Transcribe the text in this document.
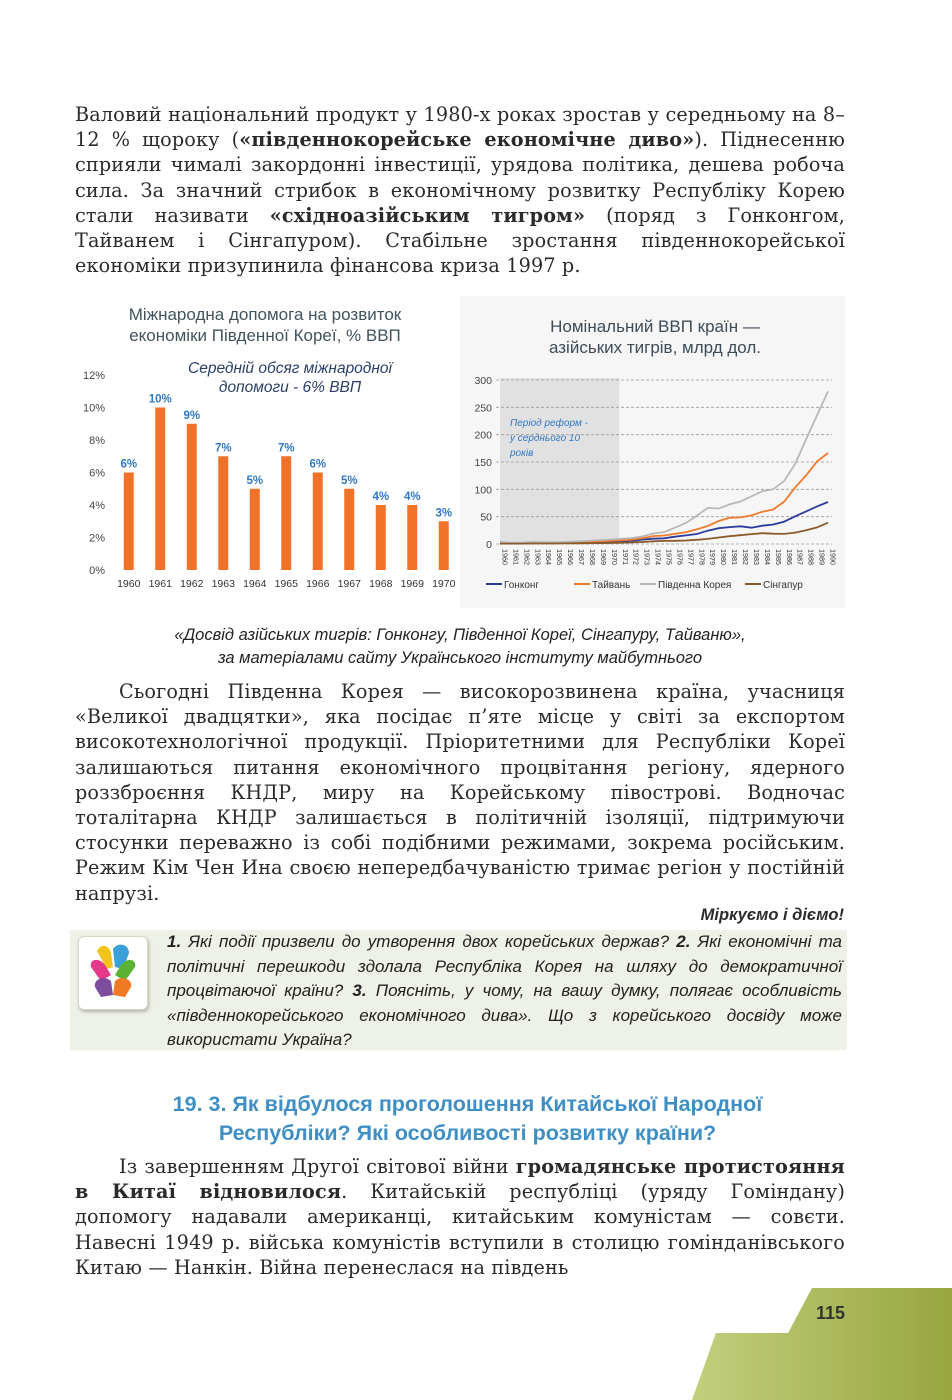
Валовий національний продукт у 1980-х роках зростав у середньому на 8–12 % щороку («південнокорейське економічне диво»). Піднесенню сприяли чималі закордонні інвестиції, урядова політика, дешева робоча сила. За значний стрибок в економічному розвитку Республіку Корею стали називати «східноазійським тигром» (поряд з Гонконгом, Тайванем і Сінгапуром). Стабільне зростання південнокорейської економіки призупинила фінансова криза 1997 р.

Міжнародна допомога на розвиток
економіки Південної Кореї, % ВВП
Середній обсяг міжнародної
допомоги - 6% ВВП
0%
2%
4%
6%
8%
10%
12%
6%
1960
10%
1961
9%
1962
7%
1963
5%
1964
7%
1965
6%
1966
5%
1967
4%
1968
4%
1969
3%
1970
Номінальний ВВП країн —
азійських тигрів, млрд дол.
Період реформ -
у серднього 10
років
0
50
100
150
200
250
300
1960 1961 1962 1963 1964 1965 1966 1967 1968 1969 1970 1971 1972 1973 1974 1975 1976 1977 1978 1979 1980 1981 1982 1983 1984 1985 1986 1987 1988 1989 1990
Гонконг	Тайвань	Південна Корея	Сінгапур
«Досвід азійських тигрів: Гонконгу, Південної Кореї, Сінгапуру, Тайваню»,
за матеріалами сайту Українського інституту майбутнього

Сьогодні Південна Корея — високорозвинена країна, учасниця «Великої двадцятки», яка посідає п’яте місце у світі за експортом високотехнологічної продукції. Пріоритетними для Республіки Кореї залишаються питання економічного процвітання регіону, ядерного роззброєння КНДР, миру на Корейському півострові. Водночас тоталітарна КНДР залишається в політичній ізоляції, підтримуючи стосунки переважно із собі подібними режимами, зокрема російським. Режим Кім Чен Ина своєю непередбачуваністю тримає регіон у постійній напрузі.

Міркуємо і діємо!
1. Які події призвели до утворення двох корейських держав? 2. Які економічні та політичні перешкоди здолала Республіка Корея на шляху до демократичної процвітаючої країни? 3. Поясніть, у чому, на вашу думку, полягає особливість «південнокорейського економічного дива». Що з корейського досвіду може використати Україна?
19. 3. Як відбулося проголошення Китайської Народної
Республіки? Які особливості розвитку країни?

Із завершенням Другої світової війни громадянське протистояння в Китаї відновилося. Китайській республіці (уряду Гоміндану) допомогу надавали американці, китайським комуністам — совєти. Навесні 1949 р. війська комуністів вступили в столицю гомінданівського Китаю — Нанкін. Війна перенеслася на південь

115
